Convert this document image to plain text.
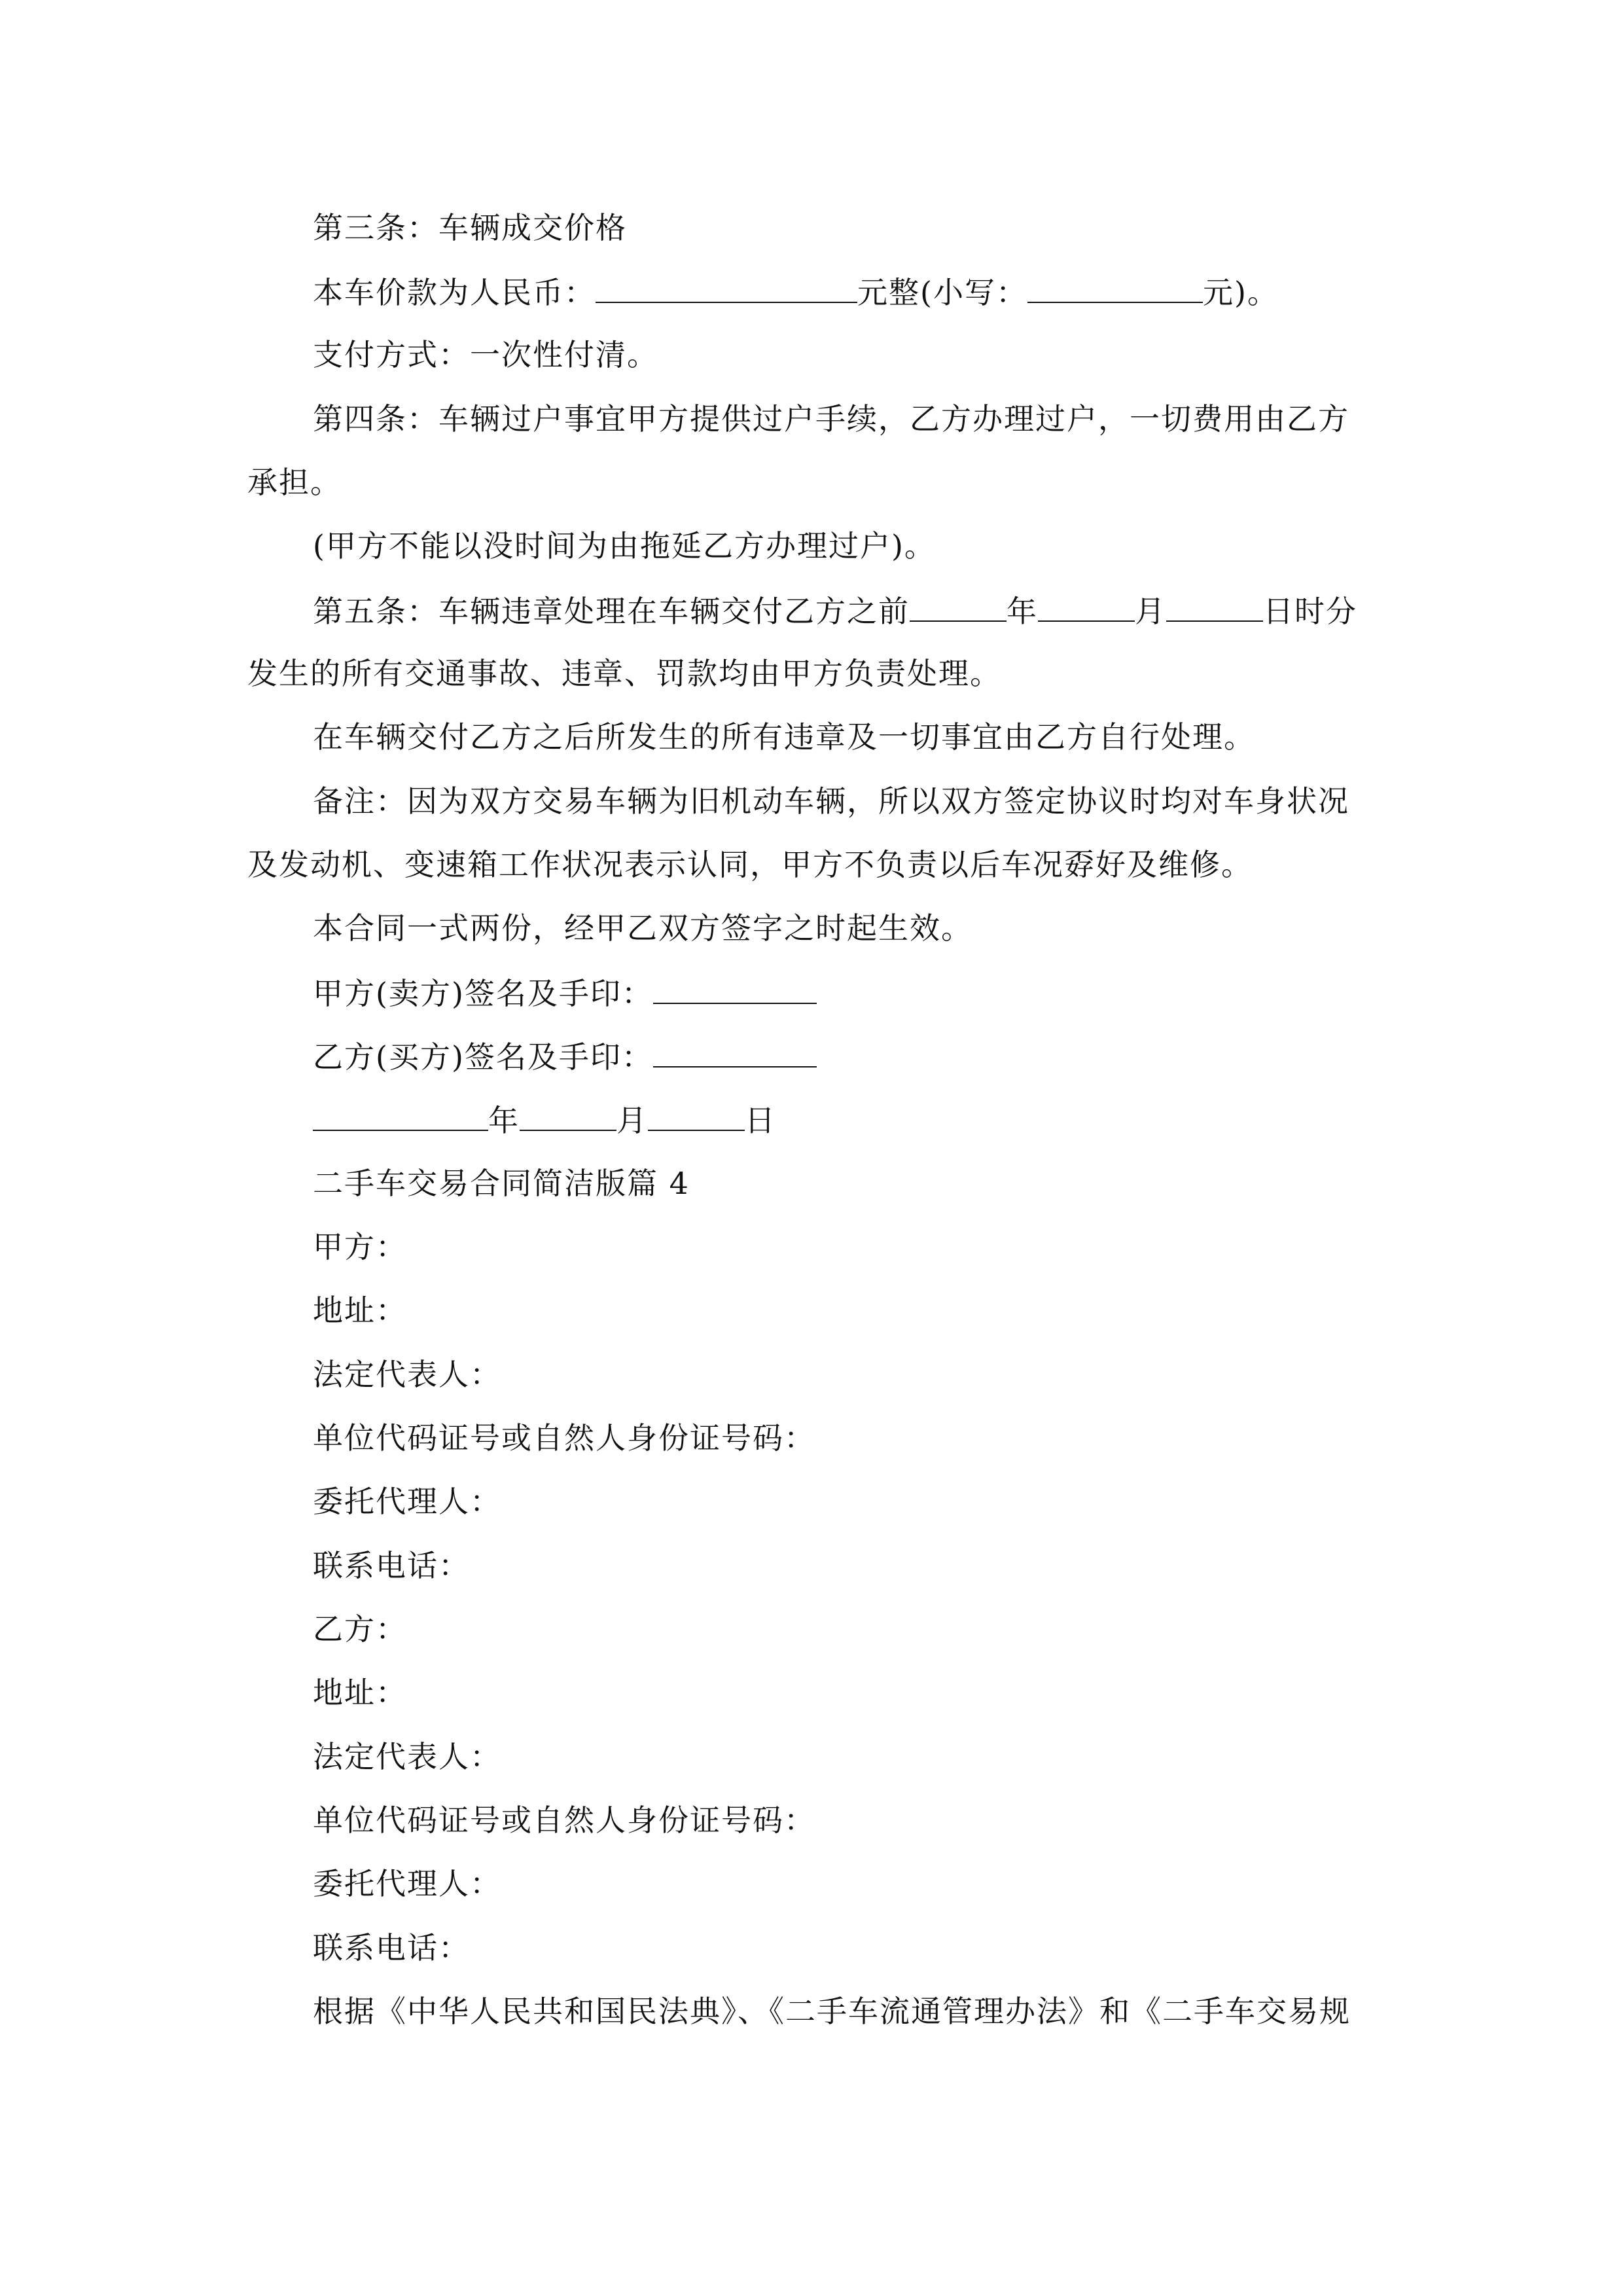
第三条：车辆成交价格
本车价款为人民币：	元整(小写：	元)。
支付方式：一次性付清。
第四条：车辆过户事宜甲方提供过户手续，乙方办理过户，一切费用由乙方
承担。
(甲方不能以没时间为由拖延乙方办理过户)。
第五条：车辆违章处理在车辆交付乙方之前	年	月	日时分
发生的所有交通事故、违章、罚款均由甲方负责处理。
在车辆交付乙方之后所发生的所有违章及一切事宜由乙方自行处理。
备注：因为双方交易车辆为旧机动车辆，所以双方签定协议时均对车身状况
及发动机、变速箱工作状况表示认同，甲方不负责以后车况孬好及维修。
本合同一式两份，经甲乙双方签字之时起生效。
甲方(卖方)签名及手印：
乙方(买方)签名及手印：
年	月	日
二手车交易合同简洁版篇 4
甲方：
地址：
法定代表人：
单位代码证号或自然人身份证号码：
委托代理人：
联系电话：
乙方：
地址：
法定代表人：
单位代码证号或自然人身份证号码：
委托代理人：
联系电话：
根据《中华人民共和国民法典》、《二手车流通管理办法》和《二手车交易规
